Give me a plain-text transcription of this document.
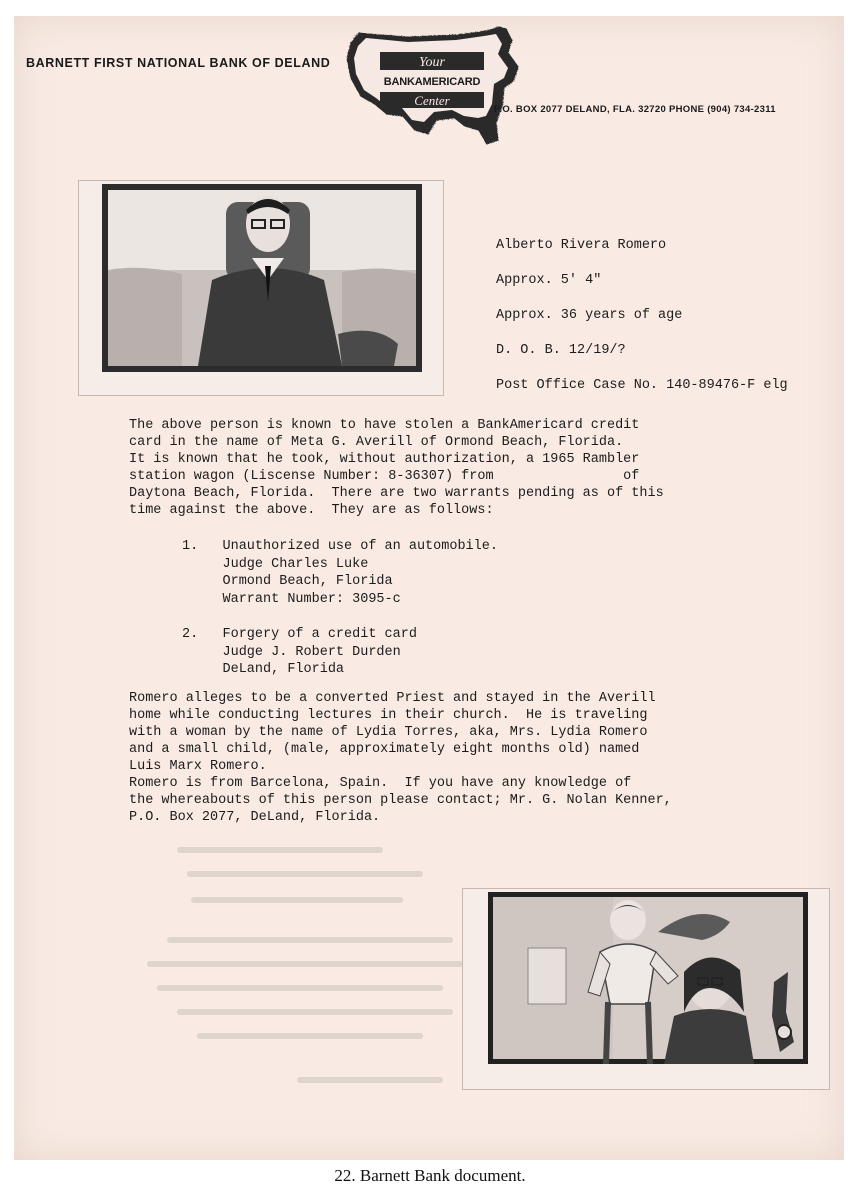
BARNETT FIRST NATIONAL BANK OF DELAND	Your
Center
BANKAMERICARD
P.O. BOX 2077 DELAND, FLA. 32720 PHONE (904) 734-2311
Alberto Rivera Romero
Approx. 5' 4"
Approx. 36 years of age
D. O. B. 12/19/?
Post Office Case No. 140-89476-F elg
The above person is known to have stolen a BankAmericard credit
card in the name of Meta G. Averill of Ormond Beach, Florida.
It is known that he took, without authorization, a 1965 Rambler
station wagon (Liscense Number: 8-36307) from                of
Daytona Beach, Florida.  There are two warrants pending as of this
time against the above.  They are as follows:
1.   Unauthorized use of an automobile.
Judge Charles Luke
Ormond Beach, Florida
Warrant Number: 3095-c
2.   Forgery of a credit card
Judge J. Robert Durden
DeLand, Florida
Romero alleges to be a converted Priest and stayed in the Averill
home while conducting lectures in their church.  He is traveling
with a woman by the name of Lydia Torres, aka, Mrs. Lydia Romero
and a small child, (male, approximately eight months old) named
Luis Marx Romero.
Romero is from Barcelona, Spain.  If you have any knowledge of
the whereabouts of this person please contact; Mr. G. Nolan Kenner,
P.O. Box 2077, DeLand, Florida.
22. Barnett Bank document.
